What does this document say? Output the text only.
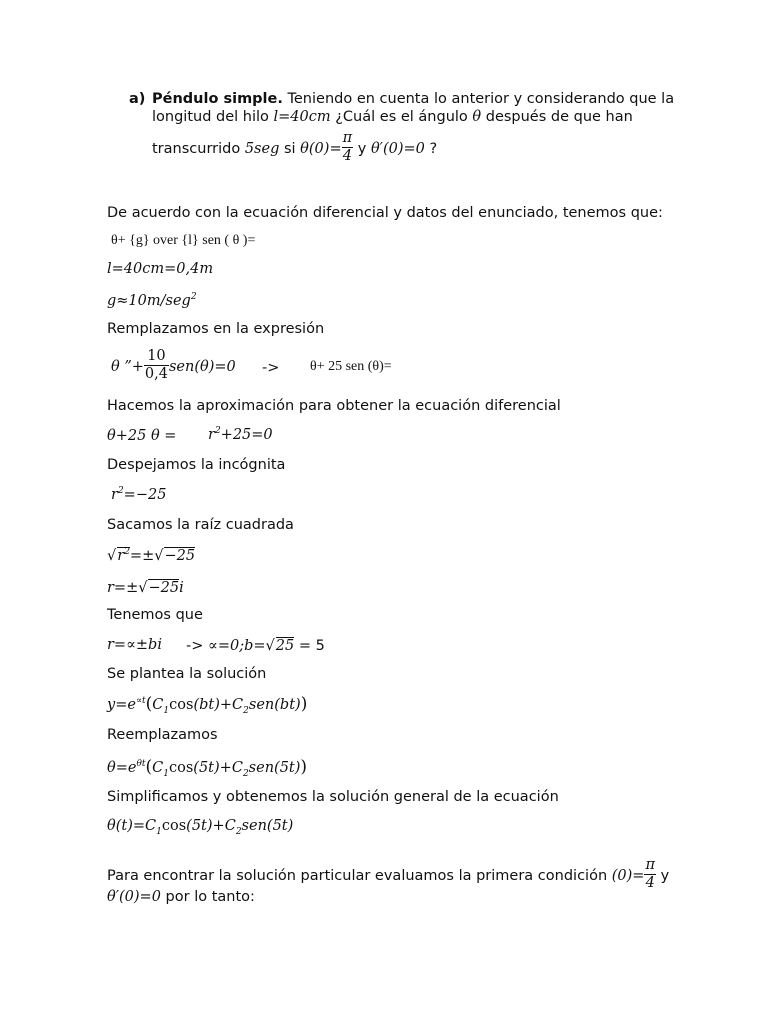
a) Péndulo simple. Teniendo en cuenta lo anterior y considerando que la
longitud del hilo l=40cm ¿Cuál es el ángulo θ después de que han
transcurrido 5seg si $\theta(0)= \frac{\pi}{4}$ y θ′(0)=0 ?
De acuerdo con la ecuación diferencial y datos del enunciado, tenemos que:
θ+ {g} over {l} sen ( θ )=
l=40cm=0,4m
g≈10m/seg$^2$
Remplazamos en la expresión
θ ”+ $\frac{10}{0,4} sen(\theta)=0 -> \theta+ 25$ sen (θ)=
Hacemos la aproximación para obtener la ecuación diferencial
θ+25 $\theta = r^2+25=0$
Despejamos la incógnita
$r^2=-25$
Sacamos la raíz cuadrada
$√r^2=\pm√-25$
r=±√−25i
Tenemos que
r=∝±bi -> ∝=0;b=√25 = 5
Se plantea la solución
$y=e^{\propto t}(C_1\cos(bt)+C_2sen(bt))$
Reemplazamos
$\theta=e^{\theta t}(C_1\cos(5t)+C_2sen(5t))$
Simplificamos y obtenemos la solución general de la ecuación
$\theta(t)=C_1\cos(5t)+C_2sen(5t)$
Para encontrar la solución particular evaluamos la primera condición $(0)= \frac{\pi}{4}$ y
θ′(0)=0 por lo tanto:
